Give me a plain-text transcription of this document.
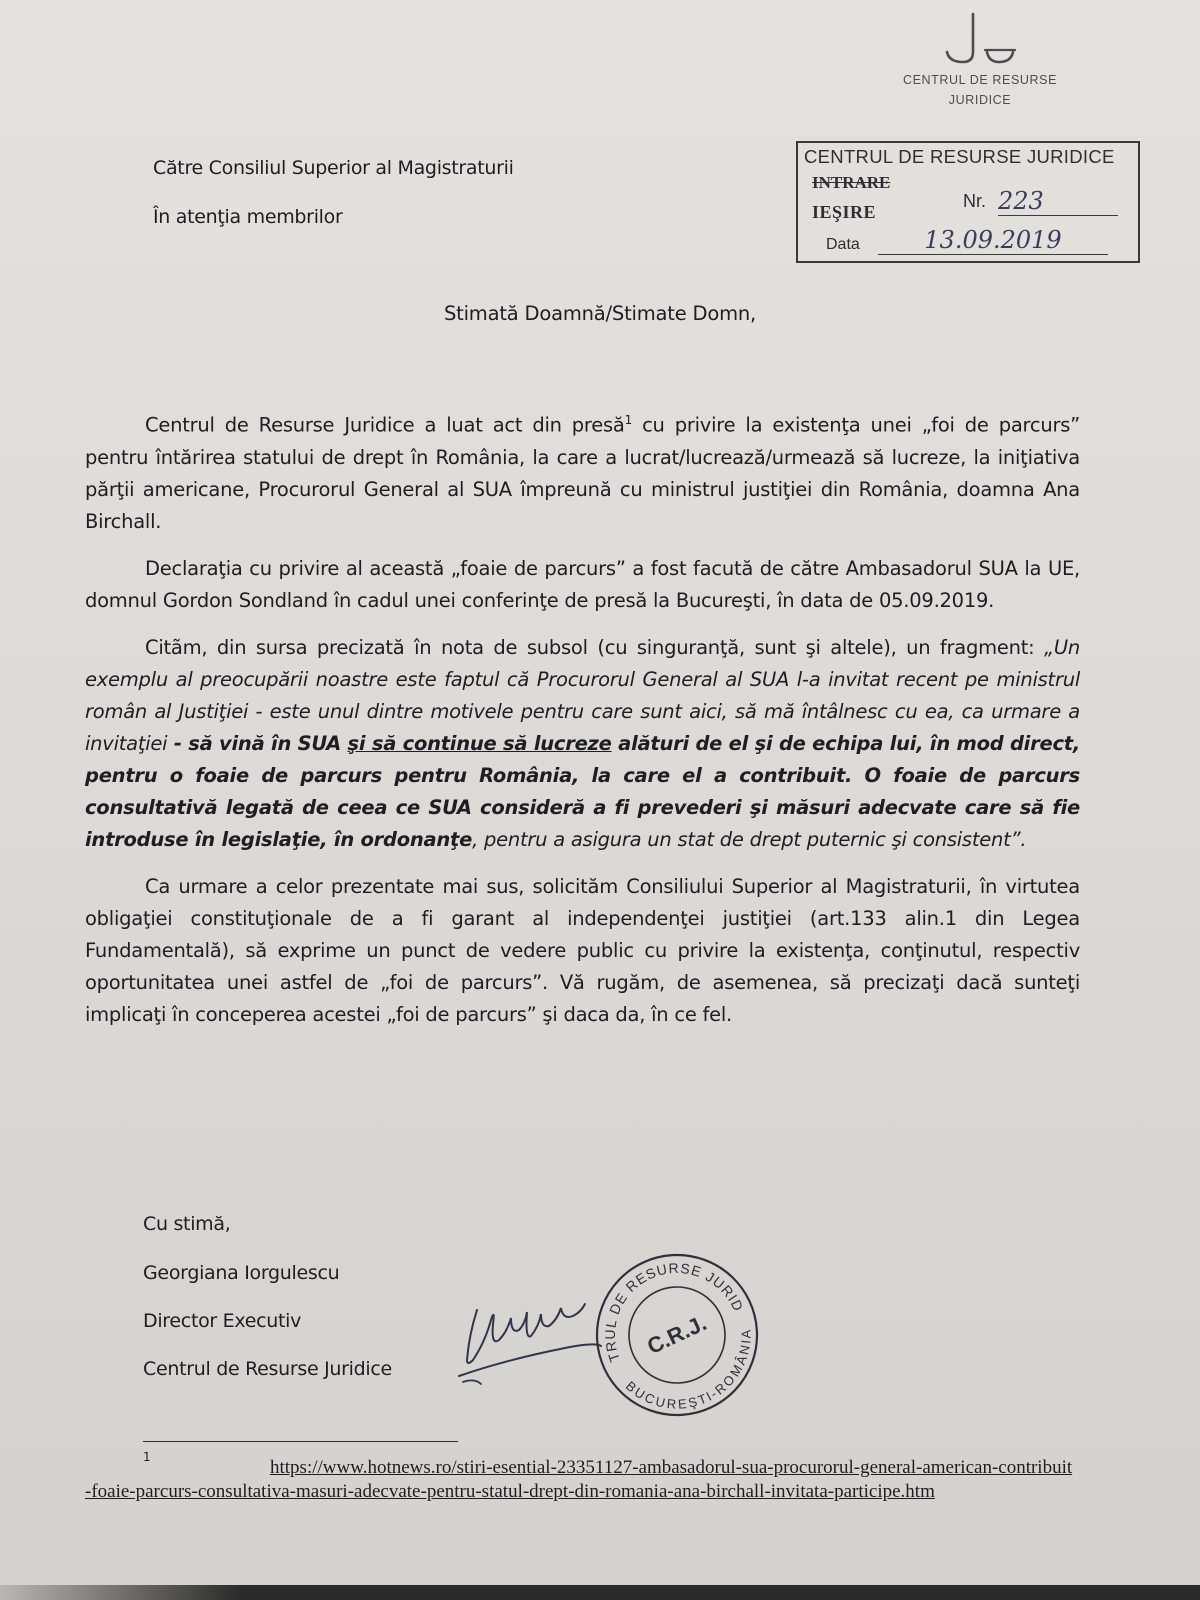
CENTRUL DE RESURSE
JURIDICE
CENTRUL DE RESURSE JURIDICE
INTRARE
IEŞIRE
Nr. 223
Data	13.09.2019
Către Consiliul Superior al Magistraturii
În atenţia membrilor
Stimată Doamnă/Stimate Domn,

Centrul de Resurse Juridice a luat act din presă$^1$ cu privire la existenţa unei „foi de parcurs” pentru întărirea statului de drept în România, la care a lucrat/lucrează/urmează să lucreze, la iniţiativa părţii americane, Procurorul General al SUA împreună cu ministrul justiţiei din România, doamna Ana Birchall.

Declaraţia cu privire al această „foaie de parcurs” a fost facută de către Ambasadorul SUA la UE, domnul Gordon Sondland în cadul unei conferinţe de presă la Bucureşti, în data de 05.09.2019.

Citãm, din sursa precizată în nota de subsol (cu singuranţă, sunt şi altele), un fragment: „Un exemplu al preocupării noastre este faptul că Procurorul General al SUA l-a invitat recent pe ministrul român al Justiţiei - este unul dintre motivele pentru care sunt aici, să mă întâlnesc cu ea, ca urmare a invitaţiei - să vină în SUA şi să continue să lucreze alături de el şi de echipa lui, în mod direct, pentru o foaie de parcurs pentru România, la care el a contribuit. O foaie de parcurs consultativă legată de ceea ce SUA consideră a fi prevederi şi măsuri adecvate care să fie introduse în legislaţie, în ordonanţe, pentru a asigura un stat de drept puternic şi consistent”.

Ca urmare a celor prezentate mai sus, solicităm Consiliului Superior al Magistraturii, în virtutea obligaţiei constituţionale de a fi garant al independenţei justiţiei (art.133 alin.1 din Legea Fundamentală), să exprime un punct de vedere public cu privire la existenţa, conţinutul, respectiv oportunitatea unei astfel de „foi de parcurs”. Vă rugăm, de asemenea, să precizaţi dacă sunteţi implicaţi în conceperea acestei „foi de parcurs” şi daca da, în ce fel.

Cu stimă,
Georgiana Iorgulescu
Director Executiv
Centrul de Resurse Juridice
CENTRUL DE RESURSE JURIDICE
BUCUREŞTI-ROMÂNIA
C.R.J.
1	https://www.hotnews.ro/stiri-esential-23351127-ambasadorul-sua-procurorul-general-american-contribuit-foaie-parcurs-consultativa-masuri-adecvate-pentru-statul-drept-din-romania-ana-birchall-invitata-participe.htm
